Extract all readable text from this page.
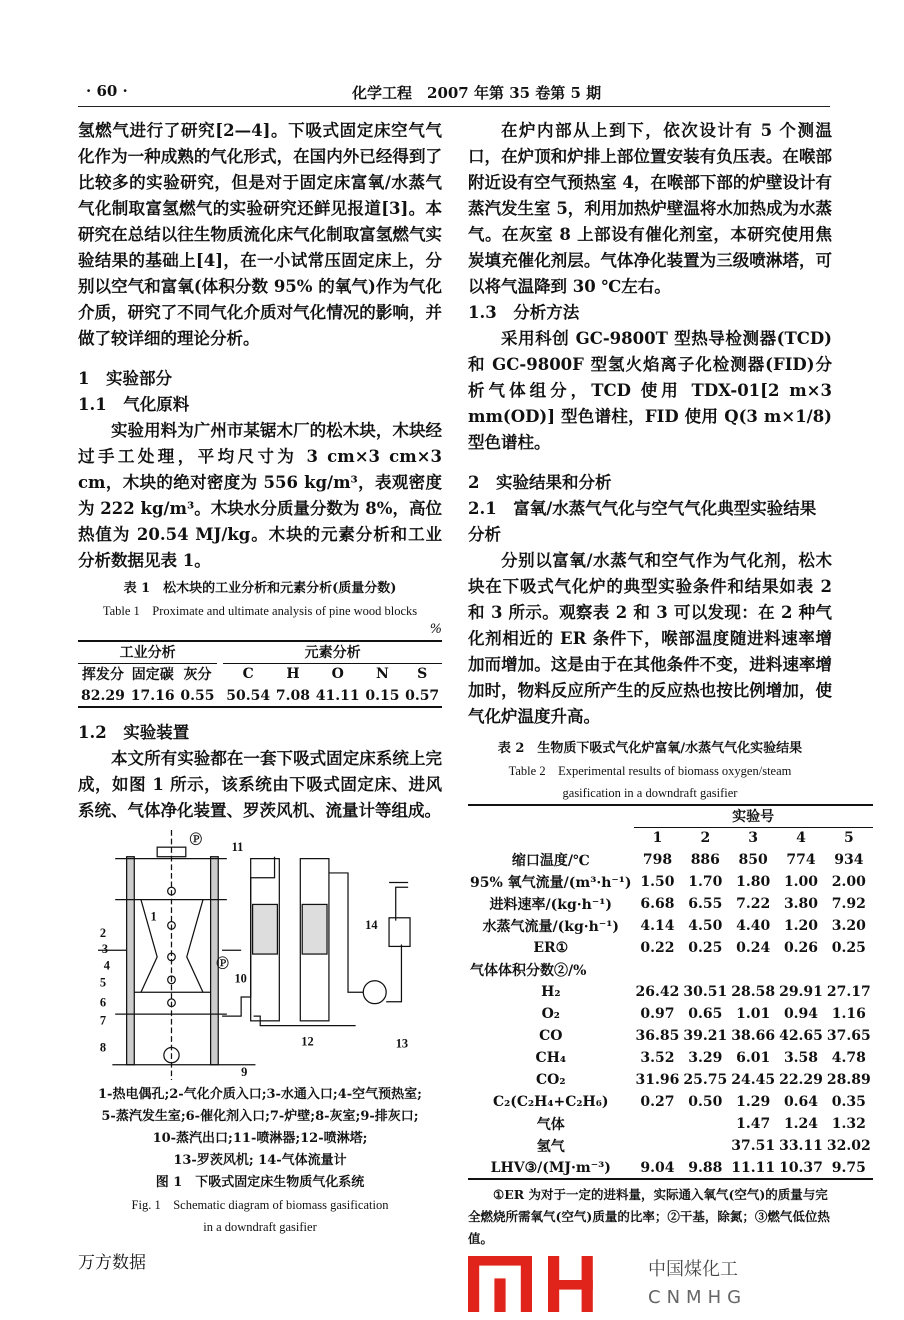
· 60 ·	化学工程　2007 年第 35 卷第 5 期
氢燃气进行了研究[2—4]。下吸式固定床空气气化作为一种成熟的气化形式，在国内外已经得到了比较多的实验研究，但是对于固定床富氧/水蒸气气化制取富氢燃气的实验研究还鲜见报道[3]。本研究在总结以往生物质流化床气化制取富氢燃气实验结果的基础上[4]，在一小试常压固定床上，分别以空气和富氧(体积分数 95% 的氧气)作为气化介质，研究了不同气化介质对气化情况的影响，并做了较详细的理论分析。
1　实验部分
1.1　气化原料
实验用料为广州市某锯木厂的松木块，木块经过手工处理，平均尺寸为 3 cm×3 cm×3 cm，木块的绝对密度为 556 kg/m³，表观密度为 222 kg/m³。木块水分质量分数为 8%，高位热值为 20.54 MJ/kg。木块的元素分析和工业分析数据见表 1。
表 1　松木块的工业分析和元素分析(质量分数)
Table 1　Proximate and ultimate analysis of pine wood blocks
%
工业分析				元素分析				
挥发分	固定碳	灰分		C	H	O	N	S
82.29	17.16	0.55		50.54	7.08	41.11	0.15	0.57
1.2　实验装置
本文所有实验都在一套下吸式固定床系统上完成，如图 1 所示，该系统由下吸式固定床、进风系统、气体净化装置、罗茨风机、流量计等组成。
1
2
3
4
5
6
7
8
9
10
11
12	13
14
Ⓟ
Ⓟ
1-热电偶孔;2-气化介质入口;3-水通入口;4-空气预热室;
5-蒸汽发生室;6-催化剂入口;7-炉壁;8-灰室;9-排灰口;
10-蒸汽出口;11-喷淋器;12-喷淋塔;
13-罗茨风机; 14-气体流量计
图 1　下吸式固定床生物质气化系统
Fig. 1　Schematic diagram of biomass gasification
in a downdraft gasifier
万方数据
在炉内部从上到下，依次设计有 5 个测温口，在炉顶和炉排上部位置安装有负压表。在喉部附近设有空气预热室 4，在喉部下部的炉壁设计有蒸汽发生室 5，利用加热炉壁温将水加热成为水蒸气。在灰室 8 上部设有催化剂室，本研究使用焦炭填充催化剂层。气体净化装置为三级喷淋塔，可以将气温降到 30 ℃左右。
1.3　分析方法
采用科创 GC-9800T 型热导检测器(TCD)和 GC-9800F 型氢火焰离子化检测器(FID)分析气体组分，TCD 使用 TDX-01[2 m×3 mm(OD)] 型色谱柱，FID 使用 Q(3 m×1/8)型色谱柱。
2　实验结果和分析
2.1　富氧/水蒸气气化与空气气化典型实验结果分析
分别以富氧/水蒸气和空气作为气化剂，松木块在下吸式气化炉的典型实验条件和结果如表 2 和 3 所示。观察表 2 和 3 可以发现：在 2 种气化剂相近的 ER 条件下，喉部温度随进料速率增加而增加。这是由于在其他条件不变，进料速率增加时，物料反应所产生的反应热也按比例增加，使气化炉温度升高。
表 2　生物质下吸式气化炉富氧/水蒸气气化实验结果
Table 2　Experimental results of biomass oxygen/steam
gasification in a downdraft gasifier
	实验号				
	1	2	3	4	5
缩口温度/℃	798	886	850	774	934
95% 氧气流量/(m³·h⁻¹)	1.50	1.70	1.80	1.00	2.00
进料速率/(kg·h⁻¹)	6.68	6.55	7.22	3.80	7.92
水蒸气流量/(kg·h⁻¹)	4.14	4.50	4.40	1.20	3.20
ER①	0.22	0.25	0.24	0.26	0.25
气体体积分数②/%					
H₂	26.42	30.51	28.58	29.91	27.17
O₂	0.97	0.65	1.01	0.94	1.16
CO	36.85	39.21	38.66	42.65	37.65
CH₄	3.52	3.29	6.01	3.58	4.78
CO₂	31.96	25.75	24.45	22.29	28.89
C₂(C₂H₄+C₂H₆)	0.27	0.50	1.29	0.64	0.35
气体			1.47	1.24	1.32
氢气			37.51	33.11	32.02
LHV③/(MJ·m⁻³)	9.04	9.88	11.11	10.37	9.75
①ER 为对于一定的进料量，实际通入氧气(空气)的质量与完全燃烧所需氧气(空气)质量的比率；②干基，除氮；③燃气低位热值。
中国煤化工
CNMHG
